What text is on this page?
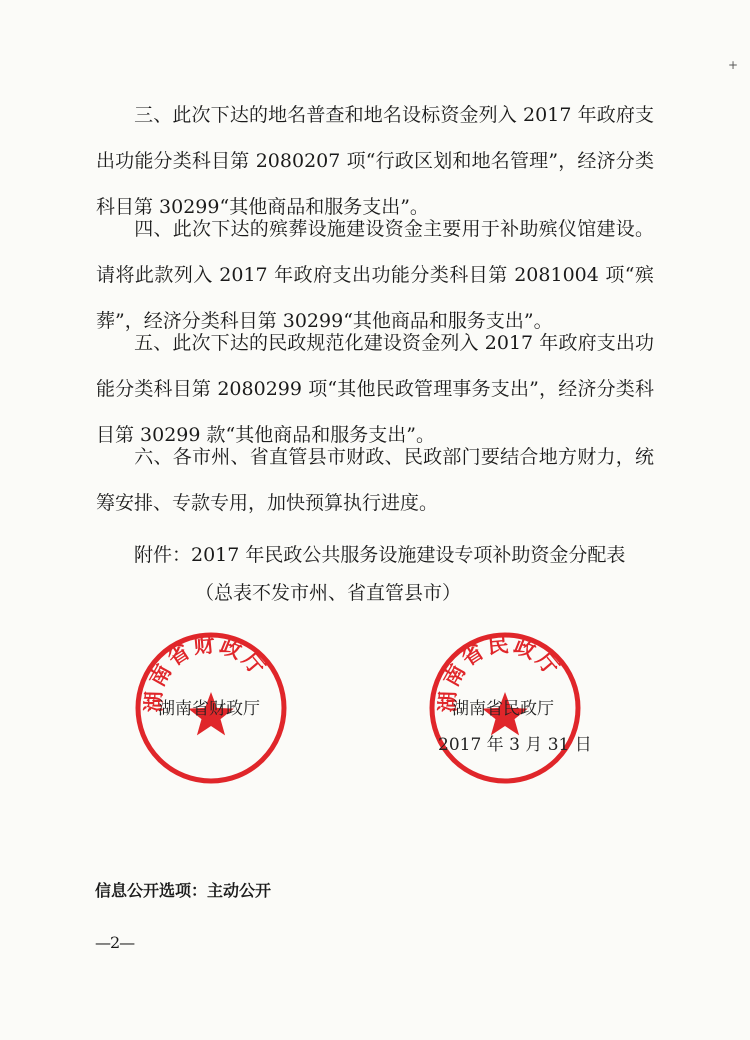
+
三、此次下达的地名普查和地名设标资金列入 2017 年政府支出功能分类科目第 2080207 项“行政区划和地名管理”，经济分类科目第 30299“其他商品和服务支出”。
四、此次下达的殡葬设施建设资金主要用于补助殡仪馆建设。请将此款列入 2017 年政府支出功能分类科目第 2081004 项“殡葬”，经济分类科目第 30299“其他商品和服务支出”。
五、此次下达的民政规范化建设资金列入 2017 年政府支出功能分类科目第 2080299 项“其他民政管理事务支出”，经济分类科目第 30299 款“其他商品和服务支出”。
六、各市州、省直管县市财政、民政部门要结合地方财力，统筹安排、专款专用，加快预算执行进度。
附件：2017 年民政公共服务设施建设专项补助资金分配表
（总表不发市州、省直管县市）
湖南省财政厅
湖南省民政厅
湖南省财政厅	湖南省民政厅
2017 年 3 月 31 日
信息公开选项：主动公开
—2—
